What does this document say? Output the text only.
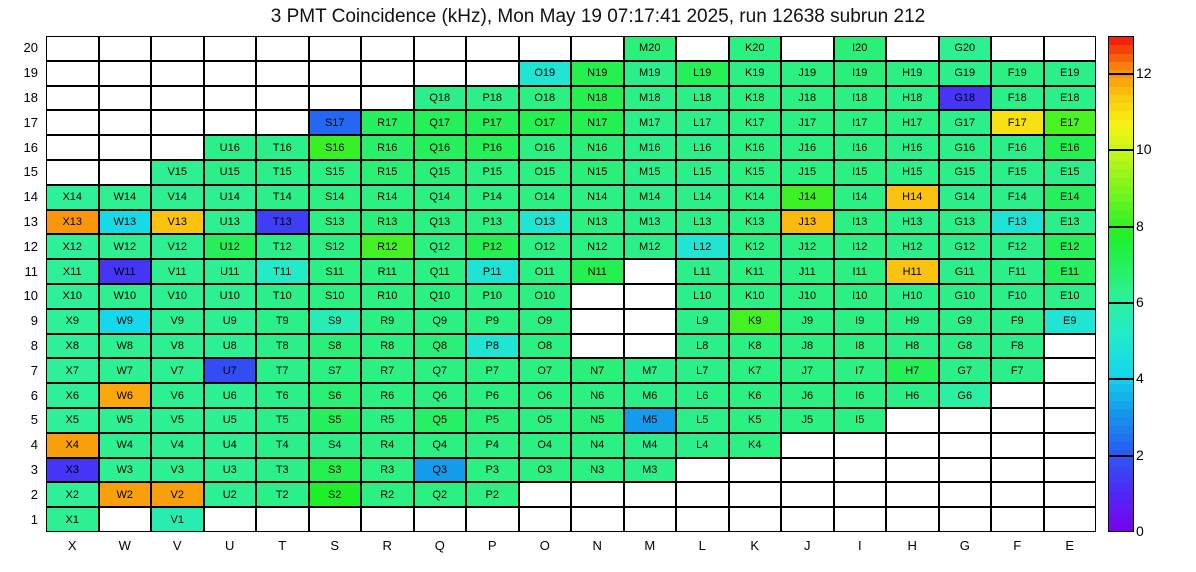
3 PMT Coincidence (kHz), Mon May 19 07:17:41 2025, run 12638 subrun 212
M20	K20	I20	G20
O19	N19	M19	L19	K19	J19	I19	H19	G19	F19	E19
Q18	P18	O18	N18	M18	L18	K18	J18	I18	H18	G18	F18	E18
S17	R17	Q17	P17	O17	N17	M17	L17	K17	J17	I17	H17	G17	F17	E17
U16	T16	S16	R16	Q16	P16	O16	N16	M16	L16	K16	J16	I16	H16	G16	F16	E16
V15	U15	T15	S15	R15	Q15	P15	O15	N15	M15	L15	K15	J15	I15	H15	G15	F15	E15
X14	W14	V14	U14	T14	S14	R14	Q14	P14	O14	N14	M14	L14	K14	J14	I14	H14	G14	F14	E14
X13	W13	V13	U13	T13	S13	R13	Q13	P13	O13	N13	M13	L13	K13	J13	I13	H13	G13	F13	E13
X12	W12	V12	U12	T12	S12	R12	Q12	P12	O12	N12	M12	L12	K12	J12	I12	H12	G12	F12	E12
X11	W11	V11	U11	T11	S11	R11	Q11	P11	O11	N11	L11	K11	J11	I11	H11	G11	F11	E11
X10	W10	V10	U10	T10	S10	R10	Q10	P10	O10	L10	K10	J10	I10	H10	G10	F10	E10
X9	W9	V9	U9	T9	S9	R9	Q9	P9	O9	L9	K9	J9	I9	H9	G9	F9	E9
X8	W8	V8	U8	T8	S8	R8	Q8	P8	O8	L8	K8	J8	I8	H8	G8	F8
X7	W7	V7	U7	T7	S7	R7	Q7	P7	O7	N7	M7	L7	K7	J7	I7	H7	G7	F7
X6	W6	V6	U6	T6	S6	R6	Q6	P6	O6	N6	M6	L6	K6	J6	I6	H6	G6
X5	W5	V5	U5	T5	S5	R5	Q5	P5	O5	N5	M5	L5	K5	J5	I5
X4	W4	V4	U4	T4	S4	R4	Q4	P4	O4	N4	M4	L4	K4
X3	W3	V3	U3	T3	S3	R3	Q3	P3	O3	N3	M3
X2	W2	V2	U2	T2	S2	R2	Q2	P2
X1	V1
20
19
18
17
16
15
14
13
12
11
10
9
8
7
6
5
4
3
2
1
X	W	V	U	T	S	R	Q	P	O	N	M	L	K	J	I	H	G	F	E
0
2
4
6
8
10
12
